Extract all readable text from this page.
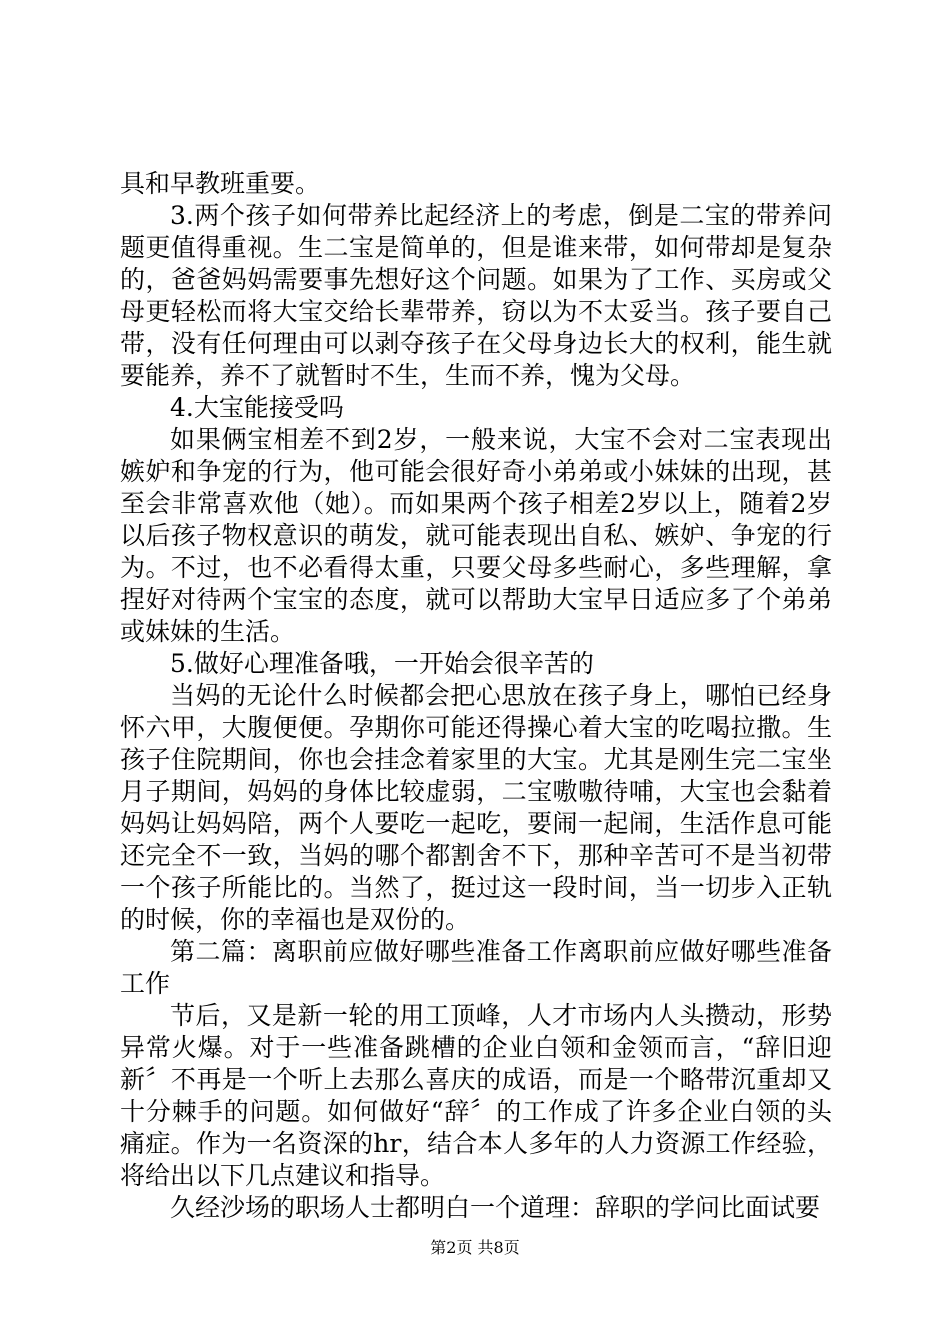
具和早教班重要。

3.两个孩子如何带养比起经济上的考虑，倒是二宝的带养问题更值得重视。生二宝是简单的，但是谁来带，如何带却是复杂的，爸爸妈妈需要事先想好这个问题。如果为了工作、买房或父母更轻松而将大宝交给长辈带养，窃以为不太妥当。孩子要自己带，没有任何理由可以剥夺孩子在父母身边长大的权利，能生就要能养，养不了就暂时不生，生而不养，愧为父母。

4.大宝能接受吗

如果俩宝相差不到2岁，一般来说，大宝不会对二宝表现出嫉妒和争宠的行为，他可能会很好奇小弟弟或小妹妹的出现，甚至会非常喜欢他（她）。而如果两个孩子相差2岁以上，随着2岁以后孩子物权意识的萌发，就可能表现出自私、嫉妒、争宠的行为。不过，也不必看得太重，只要父母多些耐心，多些理解，拿捏好对待两个宝宝的态度，就可以帮助大宝早日适应多了个弟弟或妹妹的生活。

5.做好心理准备哦，一开始会很辛苦的

当妈的无论什么时候都会把心思放在孩子身上，哪怕已经身怀六甲，大腹便便。孕期你可能还得操心着大宝的吃喝拉撒。生孩子住院期间，你也会挂念着家里的大宝。尤其是刚生完二宝坐月子期间，妈妈的身体比较虚弱，二宝嗷嗷待哺，大宝也会黏着妈妈让妈妈陪，两个人要吃一起吃，要闹一起闹，生活作息可能还完全不一致，当妈的哪个都割舍不下，那种辛苦可不是当初带一个孩子所能比的。当然了，挺过这一段时间，当一切步入正轨的时候，你的幸福也是双份的。

第二篇：离职前应做好哪些准备工作离职前应做好哪些准备工作

节后，又是新一轮的用工顶峰，人才市场内人头攒动，形势异常火爆。对于一些准备跳槽的企业白领和金领而言，“辞旧迎新〞不再是一个听上去那么喜庆的成语，而是一个略带沉重却又十分棘手的问题。如何做好“辞〞的工作成了许多企业白领的头痛症。作为一名资深的hr，结合本人多年的人力资源工作经验，将给出以下几点建议和指导。

久经沙场的职场人士都明白一个道理：辞职的学问比面试要

第2页 共8页
